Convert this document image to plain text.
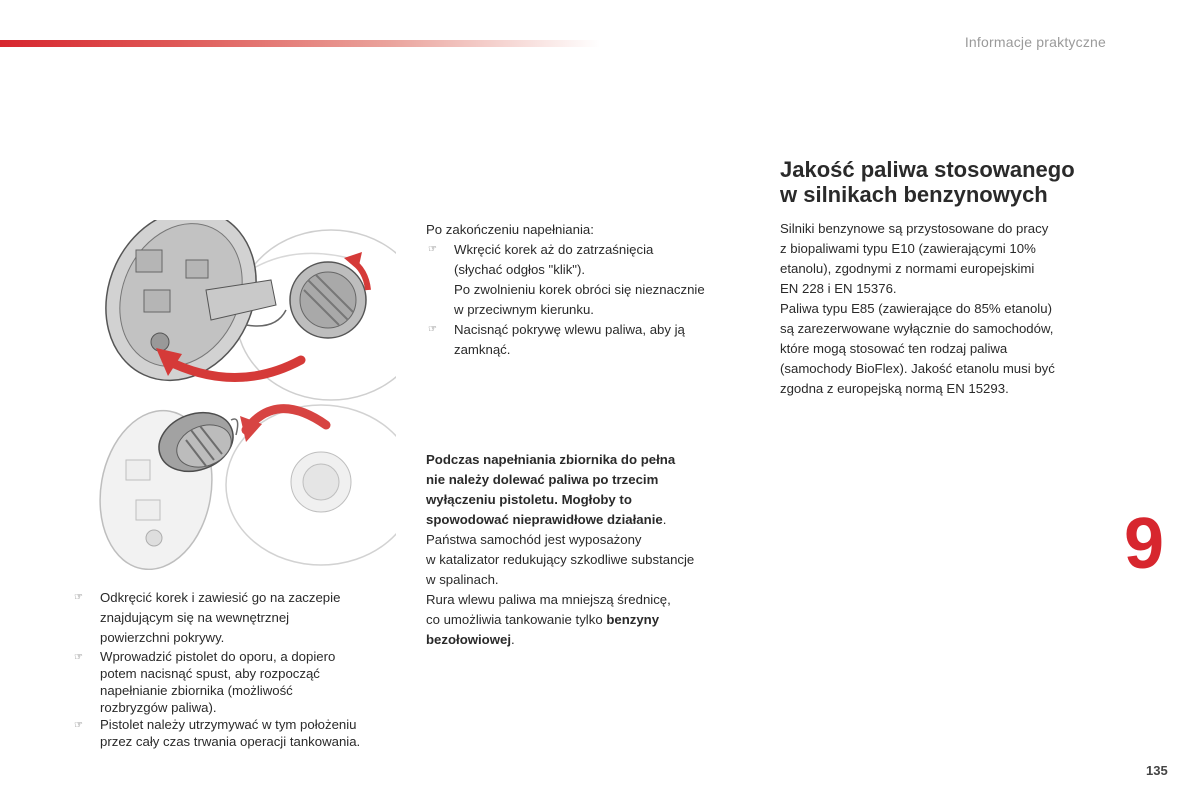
Informacje praktyczne
☞ Odkręcić korek i zawiesić go na zaczepie
znajdującym się na wewnętrznej
powierzchni pokrywy.
☞ Wprowadzić pistolet do oporu, a dopiero
potem nacisnąć spust, aby rozpocząć
napełnianie zbiornika (możliwość
rozbryzgów paliwa).
☞ Pistolet należy utrzymywać w tym położeniu
przez cały czas trwania operacji tankowania.

Po zakończeniu napełniania:

☞ Wkręcić korek aż do zatrzaśnięcia
(słychać odgłos "klik").
Po zwolnieniu korek obróci się nieznacznie
w przeciwnym kierunku.
☞ Nacisnąć pokrywę wlewu paliwa, aby ją
zamknąć.
Podczas napełniania zbiornika do pełna
nie należy dolewać paliwa po trzecim
wyłączeniu pistoletu. Mogłoby to
spowodować nieprawidłowe działanie.
Państwa samochód jest wyposażony
w katalizator redukujący szkodliwe substancje
w spalinach.
Rura wlewu paliwa ma mniejszą średnicę,
co umożliwia tankowanie tylko benzyny
bezołowiowej.
Jakość paliwa stosowanego
w silnikach benzynowych
Silniki benzynowe są przystosowane do pracy
z biopaliwami typu E10 (zawierającymi 10%
etanolu), zgodnymi z normami europejskimi
EN 228 i EN 15376.
Paliwa typu E85 (zawierające do 85% etanolu)
są zarezerwowane wyłącznie do samochodów,
które mogą stosować ten rodzaj paliwa
(samochody BioFlex). Jakość etanolu musi być
zgodna z europejską normą EN 15293.
9
135
